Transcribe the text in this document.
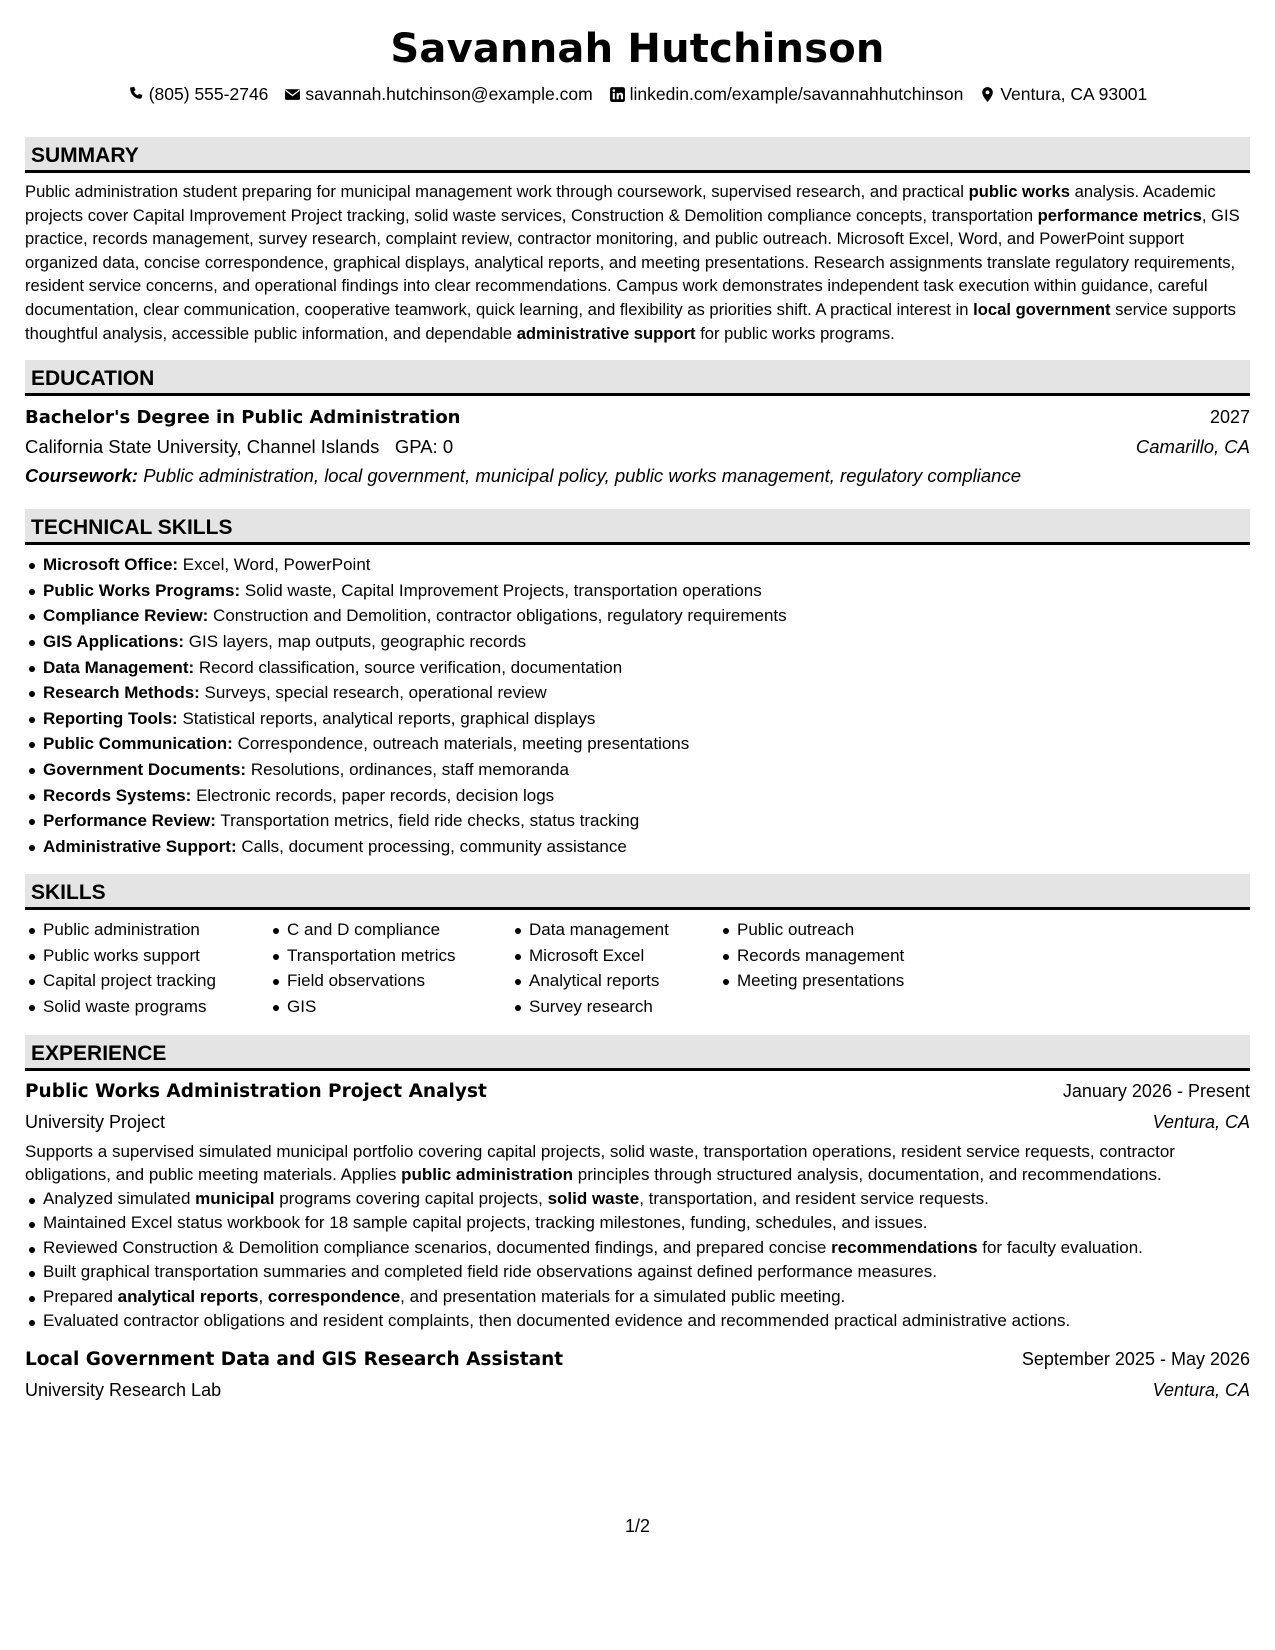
Savannah Hutchinson
(805) 555-2746 savannah.hutchinson@example.com linkedin.com/example/savannahhutchinson Ventura, CA 93001
SUMMARY
Public administration student preparing for municipal management work through coursework, supervised research, and practical public works analysis. Academic projects cover Capital Improvement Project tracking, solid waste services, Construction & Demolition compliance concepts, transportation performance metrics, GIS practice, records management, survey research, complaint review, contractor monitoring, and public outreach. Microsoft Excel, Word, and PowerPoint support organized data, concise correspondence, graphical displays, analytical reports, and meeting presentations. Research assignments translate regulatory requirements, resident service concerns, and operational findings into clear recommendations. Campus work demonstrates independent task execution within guidance, careful documentation, clear communication, cooperative teamwork, quick learning, and flexibility as priorities shift. A practical interest in local government service supports thoughtful analysis, accessible public information, and dependable administrative support for public works programs.
EDUCATION
Bachelor's Degree in Public Administration	2027
California State University, Channel Islands GPA: 0	Camarillo, CA
Coursework: Public administration, local government, municipal policy, public works management, regulatory compliance
TECHNICAL SKILLS
Microsoft Office: Excel, Word, PowerPoint
Public Works Programs: Solid waste, Capital Improvement Projects, transportation operations
Compliance Review: Construction and Demolition, contractor obligations, regulatory requirements
GIS Applications: GIS layers, map outputs, geographic records
Data Management: Record classification, source verification, documentation
Research Methods: Surveys, special research, operational review
Reporting Tools: Statistical reports, analytical reports, graphical displays
Public Communication: Correspondence, outreach materials, meeting presentations
Government Documents: Resolutions, ordinances, staff memoranda
Records Systems: Electronic records, paper records, decision logs
Performance Review: Transportation metrics, field ride checks, status tracking
Administrative Support: Calls, document processing, community assistance
SKILLS
Public administration
Public works support
Capital project tracking
Solid waste programs
C and D compliance
Transportation metrics
Field observations
GIS
Data management
Microsoft Excel
Analytical reports
Survey research
Public outreach
Records management
Meeting presentations
EXPERIENCE
Public Works Administration Project Analyst	January 2026 - Present
University Project	Ventura, CA
Supports a supervised simulated municipal portfolio covering capital projects, solid waste, transportation operations, resident service requests, contractor obligations, and public meeting materials. Applies public administration principles through structured analysis, documentation, and recommendations.
Analyzed simulated municipal programs covering capital projects, solid waste, transportation, and resident service requests.
Maintained Excel status workbook for 18 sample capital projects, tracking milestones, funding, schedules, and issues.
Reviewed Construction & Demolition compliance scenarios, documented findings, and prepared concise recommendations for faculty evaluation.
Built graphical transportation summaries and completed field ride observations against defined performance measures.
Prepared analytical reports, correspondence, and presentation materials for a simulated public meeting.
Evaluated contractor obligations and resident complaints, then documented evidence and recommended practical administrative actions.
Local Government Data and GIS Research Assistant	September 2025 - May 2026
University Research Lab	Ventura, CA
1/2
